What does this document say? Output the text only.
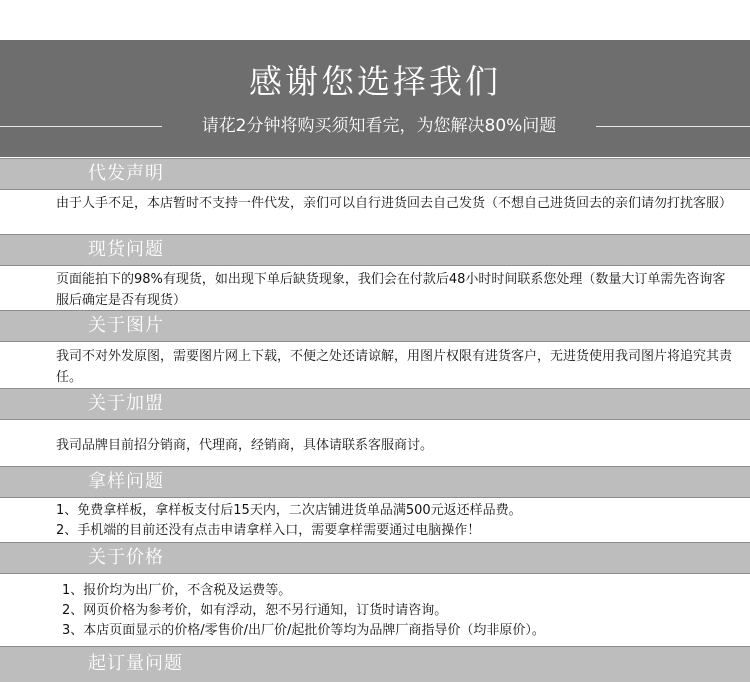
感谢您选择我们
请花2分钟将购买须知看完，为您解决80%问题
代发声明

由于人手不足，本店暂时不支持一件代发，亲们可以自行进货回去自己发货（不想自己进货回去的亲们请勿打扰客服）

现货问题

页面能拍下的98%有现货，如出现下单后缺货现象，我们会在付款后48小时时间联系您处理（数量大订单需先咨询客服后确定是否有现货）

关于图片

我司不对外发原图，需要图片网上下载，不便之处还请谅解，用图片权限有进货客户，无进货使用我司图片将追究其责任。

关于加盟

我司品牌目前招分销商，代理商，经销商，具体请联系客服商讨。

拿样问题

1、免费拿样板，拿样板支付后15天内，二次店铺进货单品满500元返还样品费。

2、手机端的目前还没有点击申请拿样入口，需要拿样需要通过电脑操作！

关于价格

1、报价均为出厂价，不含税及运费等。

2、网页价格为参考价，如有浮动，恕不另行通知，订货时请咨询。

3、本店页面显示的价格/零售价/出厂价/起批价等均为品牌厂商指导价（均非原价）。

起订量问题
